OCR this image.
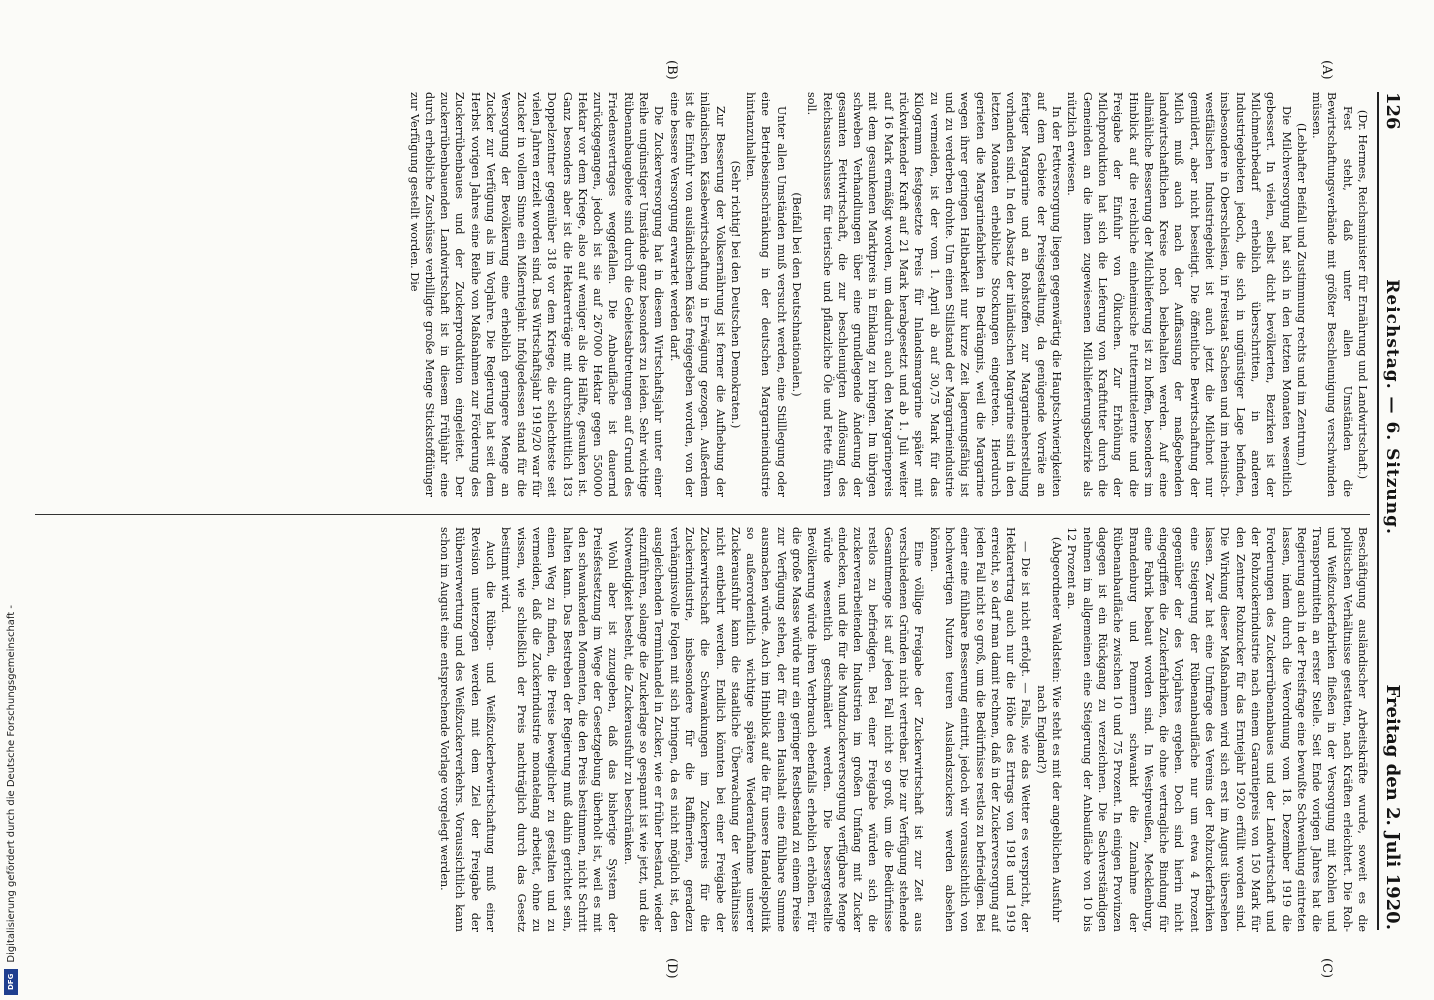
126
Reichstag. — 6. Sitzung.
Freitag den 2. Juli 1920.
(A)
(B)
(C)
(D)

(Dr. Hermes, Reichsminister für Ernährung und Landwirtschaft.)

Fest steht, daß unter allen Umständen die Bewirtschaftungsverbände mit größter Beschleunigung verschwinden müssen.

(Lebhafter Beifall und Zustimmung rechts und im Zentrum.)

Die Milchversorgung hat sich in den letzten Monaten wesentlich gebessert. In vielen, selbst dicht bevölkerten, Bezirken ist der Milchmehrbedarf erheblich überschritten, in anderen Industriegebieten jedoch, die sich in ungünstiger Lage befinden, insbesondere in Oberschlesien, in Freistaat Sachsen und im rheinisch-westfälischen Industriegebiet ist auch jetzt die Milchnot nur gemildert, aber nicht beseitigt. Die öffentliche Bewirtschaftung der Milch muß auch nach der Auffassung der maßgebenden landwirtschaftlichen Kreise noch beibehalten werden. Auf eine allmähliche Besserung der Milchlieferung ist zu hoffen, besonders im Hinblick auf die reichliche einheimische Futtermittelernte und die Freigabe der Einfuhr von Ölkuchen. Zur Erhöhung der Milchproduktion hat sich die Lieferung von Kraftfutter durch die Gemeinden an die ihnen zugewiesenen Milchlieferungsbezirke als nützlich erwiesen.

In der Fettversorgung liegen gegenwärtig die Hauptschwierigkeiten auf dem Gebiete der Preisgestaltung, da genügende Vorräte an fertiger Margarine und an Rohstoffen zur Margarineherstellung vorhanden sind. In den Absatz der inländischen Margarine sind in den letzten Monaten erhebliche Stockungen eingetreten. Hierdurch gerieten die Margarinefabriken in Bedrängnis, weil die Margarine wegen ihrer geringen Haltbarkeit nur kurze Zeit lagerungsfähig ist und zu verderben drohte. Um einen Stillstand der Margarineindustrie zu vermeiden, ist der vom 1. April ab auf 30,75 Mark für das Kilogramm festgesetzte Preis für Inlandsmargarine später mit rückwirkender Kraft auf 21 Mark herabgesetzt und ab 1. Juli weiter auf 16 Mark ermäßigt worden, um dadurch auch den Margarinepreis mit dem gesunkenen Marktpreis in Einklang zu bringen. Im übrigen schweben Verhandlungen über eine grundlegende Änderung der gesamten Fettwirtschaft, die zur beschleunigten Auflösung des Reichsausschusses für tierische und pflanzliche Öle und Fette führen soll.

(Beifall bei den Deutschnationalen.)

Unter allen Umständen muß versucht werden, eine Stilllegung oder eine Betriebseinschränkung in der deutschen Margarineindustrie hintanzuhalten.

(Sehr richtig! bei den Deutschen Demokraten.)

Zur Besserung der Volksernährung ist ferner die Aufhebung der inländischen Käsebewirtschaftung in Erwägung gezogen. Außerdem ist die Einfuhr von ausländischem Käse freigegeben worden, von der eine bessere Versorgung erwartet werden darf.

Die Zuckerversorgung hat in diesem Wirtschaftsjahr unter einer Reihe ungünstiger Umstände ganz besonders zu leiden. Sehr wichtige Rübenanbaugebiete sind durch die Gebietsabtretungen auf Grund des Friedensvertrages weggefallen. Die Anbaufläche ist dauernd zurückgegangen, jedoch ist sie auf 267000 Hektar gegen 550000 Hektar vor dem Kriege, also auf weniger als die Hälfte, gesunken ist. Ganz besonders aber ist die Hektarerträge mit durchschnittlich 183 Doppelzentner gegenüber 318 vor dem Kriege, die schlechteste seit vielen Jahren erzielt worden sind. Das Wirtschaftsjahr 1919/20 war für Zucker in vollem Sinne ein Mißerntejahr. Infolgedessen stand für die Versorgung der Bevölkerung eine erheblich geringere Menge an Zucker zur Verfügung als im Vorjahre. Die Regierung hat seit dem Herbst vorigen Jahres eine Reihe von Maßnahmen zur Förderung des Zuckerrübenbaues und der Zuckerproduktion eingeleitet. Der zuckerrübenbauenden Landwirtschaft ist in diesem Frühjahr eine durch erhebliche Zuschüsse verbilligte große Menge Stickstoffdünger zur Verfügung gestellt worden. Die

Beschäftigung ausländischer Arbeitskräfte wurde, soweit es die politischen Verhältnisse gestatten, nach Kräften erleichtert. Die Roh- und Weißzuckerfabriken fließen in der Versorgung mit Kohlen und Transportmitteln an erster Stelle. Seit Ende vorigen Jahres hat die Regierung auch in der Preisfrage eine bewußte Schwenkung eintreten lassen, indem durch die Verordnung vom 18. Dezember 1919 die Forderungen des Zuckerrübenanbaues und der Landwirtschaft und der Rohzuckerindustrie nach einem Garantiepreis von 150 Mark für den Zentner Rohzucker für das Erntejahr 1920 erfüllt worden sind. Die Wirkung dieser Maßnahmen wird sich erst im August übersehen lassen. Zwar hat eine Umfrage des Vereins der Rohzuckerfabriken eine Steigerung der Rübenanbaufläche nur um etwa 4 Prozent gegenüber der des Vorjahres ergeben. Doch sind hierin nicht eingegriffen die Zuckerfabriken, die ohne vertragliche Bindung für eine Fabrik bebaut worden sind. In Westpreußen, Mecklenburg, Brandenburg und Pommern schwankt die Zunahme der Rübenanbaufläche zwischen 10 und 75 Prozent. In einigen Provinzen dagegen ist ein Rückgang zu verzeichnen. Die Sachverständigen nehmen im allgemeinen eine Steigerung der Anbaufläche von 10 bis 12 Prozent an.

(Abgeordneter Waldstein: Wie steht es mit der angeblichen Ausfuhr nach England?)

— Die ist nicht erfolgt. — Falls, wie das Wetter es verspricht, der Hektarertrag auch nur die Höhe des Ertrags von 1918 und 1919 erreicht, so darf man damit rechnen, daß in der Zuckerversorgung auf jeden Fall nicht so groß, um die Bedürfnisse restlos zu befriedigen. Bei einer eine fühlbare Besserung eintritt, jedoch wir voraussichtlich von hochwertigen Nutzen teuren Auslandszuckers werden absehen können.

Eine völlige Freigabe der Zuckerwirtschaft ist zur Zeit aus verschiedenen Gründen nicht vertretbar. Die zur Verfügung stehende Gesamtmenge ist auf jeden Fall nicht so groß, um die Bedürfnisse restlos zu befriedigen. Bei einer Freigabe würden sich die zuckerverarbeitenden Industrien im großen Umfang mit Zucker eindecken, und die für die Mundzuckerversorgung verfügbare Menge würde wesentlich geschmälert werden. Die bessergestellte Bevölkerung würde ihren Verbrauch ebenfalls erheblich erhöhen. Für die große Masse würde nur ein geringer Restbestand zu einem Preise zur Verfügung stehen, der für einen Haushalt eine fühlbare Summe ausmachen würde. Auch im Hinblick auf die für unsere Handelspolitik so außerordentlich wichtige spätere Wiederaufnahme unserer Zuckerausfuhr kann die staatliche Überwachung der Verhältnisse nicht entbehrt werden. Endlich könnten bei einer Freigabe der Zuckerwirtschaft die Schwankungen im Zuckerpreis für die Zuckerindustrie, insbesondere für die Raffinerien, geradezu verhängnisvolle Folgen mit sich bringen, da es nicht möglich ist, den ausgleichenden Terminhandel in Zucker, wie er früher bestand, wieder einzuführen, solange die Zuckerlage so gespannt ist wie jetzt, und die Notwendigkeit besteht, die Zuckerausfuhr zu beschränken.

Wohl aber ist zuzugeben, daß das bisherige System der Preisfestsetzung im Wege der Gesetzgebung überholt ist, weil es mit den schwankenden Momenten, die den Preis bestimmen, nicht Schritt halten kann. Das Bestreben der Regierung muß dahin gerichtet sein, einen Weg zu finden, die Preise beweglicher zu gestalten und zu vermeiden, daß die Zuckerindustrie monatelang arbeitet, ohne zu wissen, wie schließlich der Preis nachträglich durch das Gesetz bestimmt wird.

Auch die Rüben- und Weißzuckerbewirtschaftung muß einer Revision unterzogen werden mit dem Ziel der Freigabe der Rübenverwertung und des Weißzuckerverkehrs. Voraussichtlich kann schon im August eine entsprechende Vorlage vorgelegt werden.

Digitalisierung gefördert durch die Deutsche Forschungsgemeinschaft -
DFG
